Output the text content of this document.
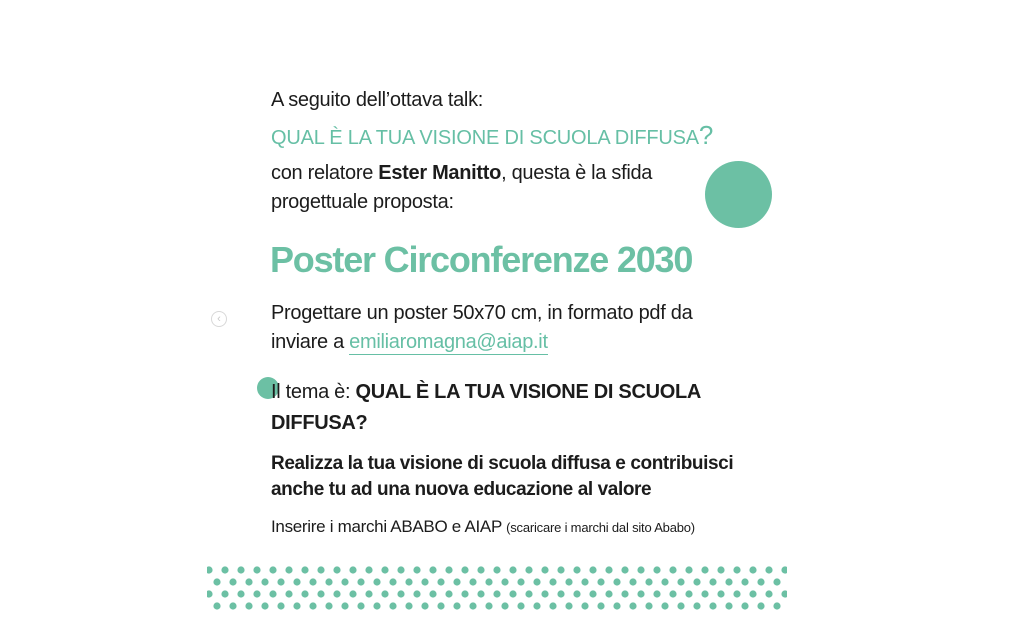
A seguito dell’ottava talk:
QUAL È LA TUA VISIONE DI SCUOLA DIFFUSA?
con relatore Ester Manitto, questa è la sfida progettuale proposta:
Poster Circonferenze 2030
‹	Progettare un poster 50x70 cm, in formato pdf da inviare a emiliaromagna@aiap.it
Il tema è: QUAL È LA TUA VISIONE DI SCUOLA DIFFUSA?
Realizza la tua visione di scuola diffusa e contribuisci anche tu ad una nuova educazione al valore
Inserire i marchi ABABO e AIAP (scaricare i marchi dal sito Ababo)
